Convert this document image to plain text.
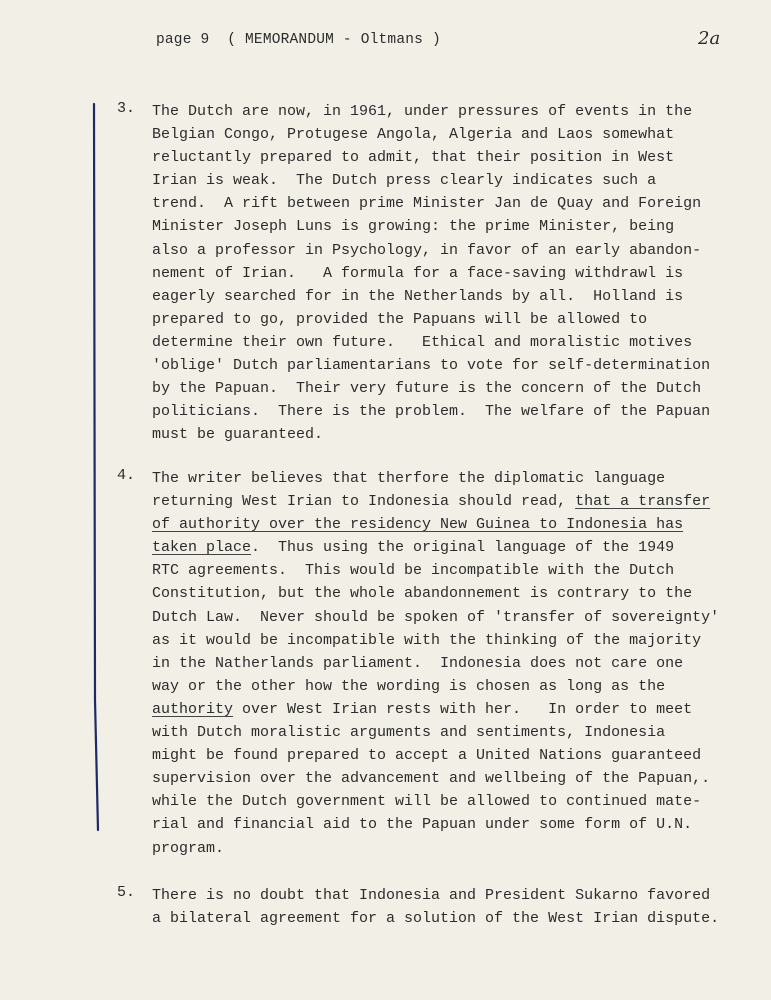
page 9  ( MEMORANDUM - Oltmans )	2a
3. The Dutch are now, in 1961, under pressures of events in the
Belgian Congo, Protugese Angola, Algeria and Laos somewhat
reluctantly prepared to admit, that their position in West
Irian is weak.  The Dutch press clearly indicates such a
trend.  A rift between prime Minister Jan de Quay and Foreign
Minister Joseph Luns is growing: the prime Minister, being
also a professor in Psychology, in favor of an early abandon-
nement of Irian.   A formula for a face-saving withdrawl is
eagerly searched for in the Netherlands by all.  Holland is
prepared to go, provided the Papuans will be allowed to
determine their own future.   Ethical and moralistic motives
'oblige' Dutch parliamentarians to vote for self-determination
by the Papuan.  Their very future is the concern of the Dutch
politicians.  There is the problem.  The welfare of the Papuan
must be guaranteed.
4. The writer believes that therfore the diplomatic language
returning West Irian to Indonesia should read, that a transfer
of authority over the residency New Guinea to Indonesia has
taken place.  Thus using the original language of the 1949
RTC agreements.  This would be incompatible with the Dutch
Constitution, but the whole abandonnement is contrary to the
Dutch Law.  Never should be spoken of 'transfer of sovereignty'
as it would be incompatible with the thinking of the majority
in the Natherlands parliament.  Indonesia does not care one
way or the other how the wording is chosen as long as the
authority over West Irian rests with her.   In order to meet
with Dutch moralistic arguments and sentiments, Indonesia
might be found prepared to accept a United Nations guaranteed
supervision over the advancement and wellbeing of the Papuan,.
while the Dutch government will be allowed to continued mate-
rial and financial aid to the Papuan under some form of U.N.
program.
5. There is no doubt that Indonesia and President Sukarno favored
a bilateral agreement for a solution of the West Irian dispute.
